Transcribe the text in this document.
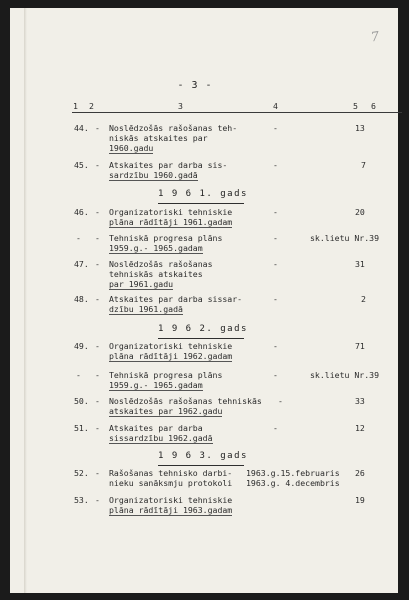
7
- 3 -
1 2	3	4	5 6
44. - Noslēdzošās rašošanas teh-
niskās atskaites par
1960.gadu
-	13
45. - Atskaites par darba sis-
sardzību 1960.gadā
-	7
1 9 6 1. gads
46. - Organizatoriski tehniskie
plāna rādītāji 1961.gadam
-	20
- - Tehniskā progresa plāns
1959.g.- 1965.gadam
-	sk.lietu Nr.39
47. - Noslēdzošās rašošanas
tehniskās atskaites
par 1961.gadu
-	31
48. - Atskaites par darba sissar-
dzību 1961.gadā
-	2
1 9 6 2. gads
49. - Organizatoriski tehniskie
plāna rādītāji 1962.gadam
-	71
- - Tehniskā progresa plāns
1959.g.- 1965.gadam
-	sk.lietu Nr.39
50. - Noslēdzošās rašošanas tehniskās
atskaites par 1962.gadu
-	33
51. - Atskaites par darba
sissardzību 1962.gadā
-	12
1 9 6 3. gads
52. - Rašošanas tehnisko darbi-
nieku sanāksmju protokoli
1963.g.15.februaris
1963.g. 4.decembris
26
53. - Organizatoriski tehniskie
plāna rādītāji 1963.gadam
19
